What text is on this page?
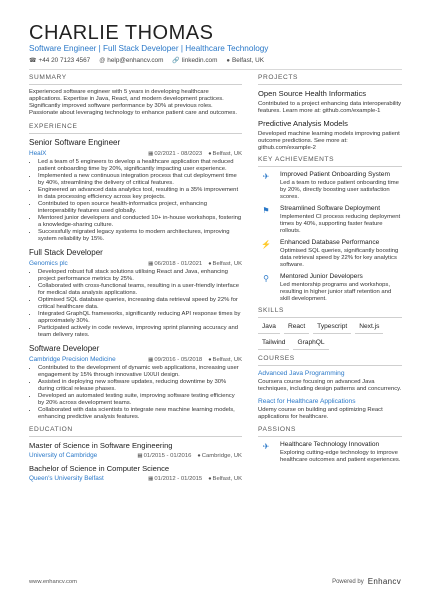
CHARLIE THOMAS
Software Engineer | Full Stack Developer | Healthcare Technology
☎ +44 20 7123 4567 @ help@enhancv.com 🔗 linkedin.com ● Belfast, UK
SUMMARY
Experienced software engineer with 5 years in developing healthcare applications. Expertise in Java, React, and modern development practices. Significantly improved software performance by 30% at previous roles. Passionate about leveraging technology to enhance patient care and outcomes.
EXPERIENCE
Senior Software Engineer
HealX	▦02/2021 - 08/2023 ●Belfast, UK
• Led a team of 5 engineers to develop a healthcare application that reduced patient onboarding time by 20%, significantly impacting user experience.
• Implemented a new continuous integration process that cut deployment time by 40%, streamlining the delivery of critical features.
• Engineered an advanced data analytics tool, resulting in a 35% improvement in data processing efficiency across key projects.
• Contributed to open source health-informatics project, enhancing interoperability features used globally.
• Mentored junior developers and conducted 10+ in-house workshops, fostering a knowledge-sharing culture.
• Successfully migrated legacy systems to modern architectures, improving system reliability by 15%.
Full Stack Developer
Genomics plc	▦06/2018 - 01/2021 ●Belfast, UK
• Developed robust full stack solutions utilising React and Java, enhancing project performance metrics by 25%.
• Collaborated with cross-functional teams, resulting in a user-friendly interface for medical data analysis applications.
• Optimised SQL database queries, increasing data retrieval speed by 22% for critical healthcare data.
• Integrated GraphQL frameworks, significantly reducing API response times by approximately 30%.
• Participated actively in code reviews, improving sprint planning accuracy and team delivery rates.
Software Developer
Cambridge Precision Medicine	▦09/2016 - 05/2018 ●Belfast, UK
• Contributed to the development of dynamic web applications, increasing user engagement by 15% through innovative UX/UI design.
• Assisted in deploying new software updates, reducing downtime by 30% during critical release phases.
• Developed an automated testing suite, improving software testing efficiency by 20% across development teams.
• Collaborated with data scientists to integrate new machine learning models, enhancing predictive analysis features.
EDUCATION
Master of Science in Software Engineering
University of Cambridge	▦01/2015 - 01/2016 ●Cambridge, UK
Bachelor of Science in Computer Science
Queen's University Belfast	▦01/2012 - 01/2015 ●Belfast, UK
PROJECTS
Open Source Health Informatics
Contributed to a project enhancing data interoperability features. Learn more at: github.com/example-1
Predictive Analysis Models
Developed machine learning models improving patient outcome predictions. See more at: github.com/example-2
KEY ACHIEVEMENTS
✈	Improved Patient Onboarding System
Led a team to reduce patient onboarding time by 20%, directly boosting user satisfaction scores.
⚑	Streamlined Software Deployment
Implemented CI process reducing deployment times by 40%, supporting faster feature rollouts.
⚡	Enhanced Database Performance
Optimised SQL queries, significantly boosting data retrieval speed by 22% for key analytics software.
⚲	Mentored Junior Developers
Led mentorship programs and workshops, resulting in higher junior staff retention and skill development.
SKILLS
Java	React	Typescript	Next.js
Tailwind	GraphQL
COURSES
Advanced Java Programming
Coursera course focusing on advanced Java techniques, including design patterns and concurrency.
React for Healthcare Applications
Udemy course on building and optimizing React applications for healthcare.
PASSIONS
✈	Healthcare Technology Innovation
Exploring cutting-edge technology to improve healthcare outcomes and patient experiences.
www.enhancv.com	Powered by Enhancv
